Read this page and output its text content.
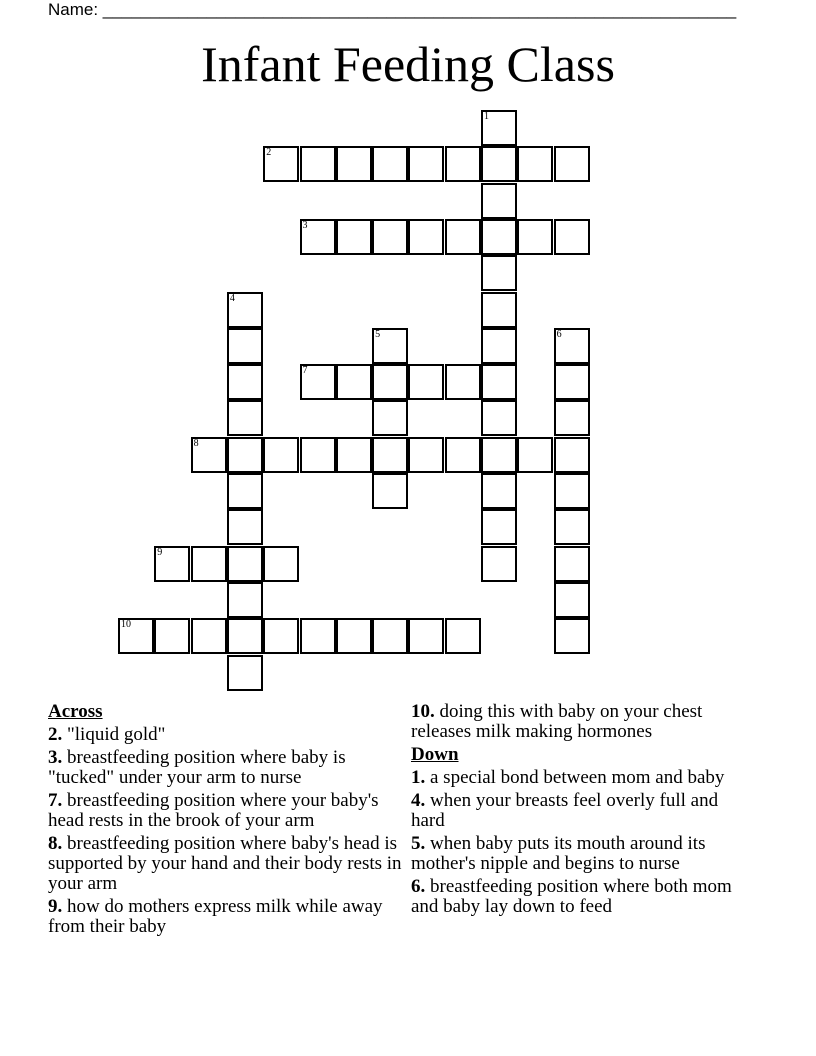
Name: ___________________________________________________________________
Infant Feeding Class
1
2
3
4
5	6
7
8
9
10
Across
2. "liquid gold"
3. breastfeeding position where baby is "tucked" under your arm to nurse
7. breastfeeding position where your baby's head rests in the brook of your arm
8. breastfeeding position where baby's head is supported by your hand and their body rests in your arm
9. how do mothers express milk while away from their baby
10. doing this with baby on your chest releases milk making hormones
Down
1. a special bond between mom and baby
4. when your breasts feel overly full and hard
5. when baby puts its mouth around its mother's nipple and begins to nurse
6. breastfeeding position where both mom and baby lay down to feed
